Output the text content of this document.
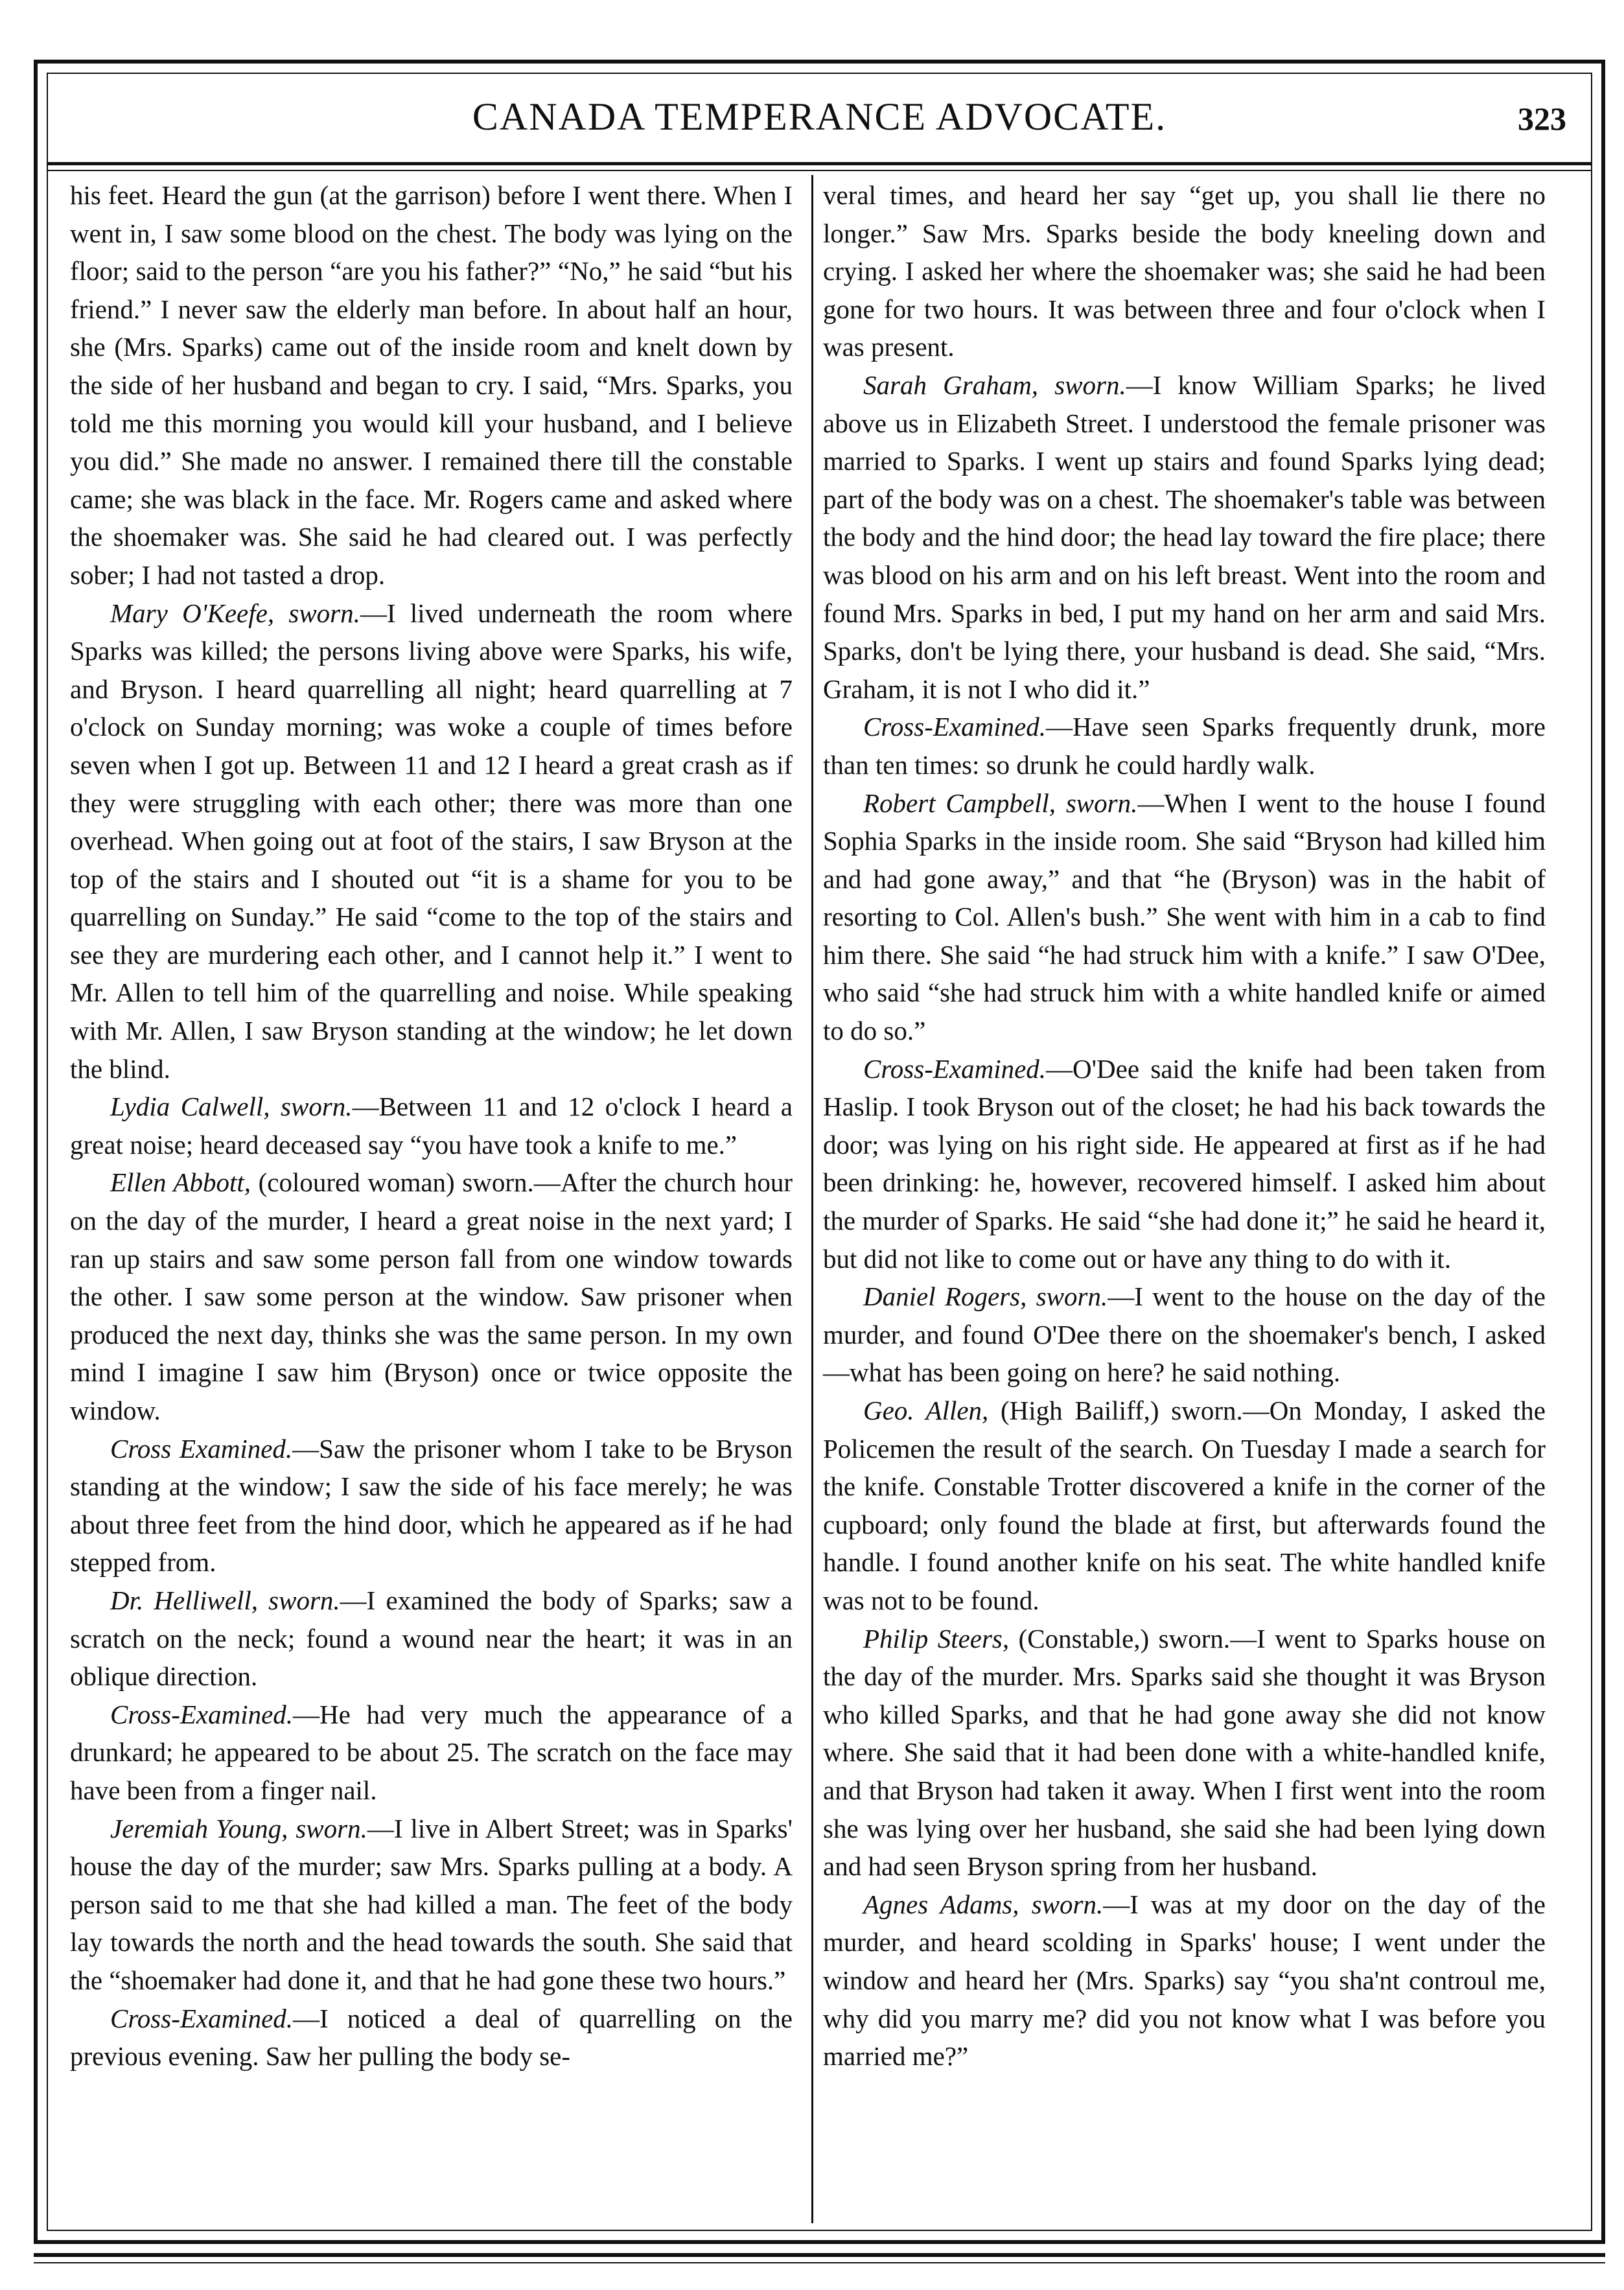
CANADA TEMPERANCE ADVOCATE.	323

his feet. Heard the gun (at the garrison) before I went there. When I went in, I saw some blood on the chest. The body was lying on the floor; said to the person “are you his father?” “No,” he said “but his friend.” I never saw the elderly man before. In about half an hour, she (Mrs. Sparks) came out of the inside room and knelt down by the side of her husband and began to cry. I said, “Mrs. Sparks, you told me this morning you would kill your husband, and I believe you did.” She made no answer. I remained there till the constable came; she was black in the face. Mr. Rogers came and asked where the shoemaker was. She said he had cleared out. I was perfectly sober; I had not tasted a drop.

Mary O'Keefe, sworn.—I lived underneath the room where Sparks was killed; the persons living above were Sparks, his wife, and Bryson. I heard quarrelling all night; heard quarrelling at 7 o'clock on Sunday morning; was woke a couple of times before seven when I got up. Between 11 and 12 I heard a great crash as if they were struggling with each other; there was more than one overhead. When going out at foot of the stairs, I saw Bryson at the top of the stairs and I shouted out “it is a shame for you to be quarrelling on Sunday.” He said “come to the top of the stairs and see they are murdering each other, and I cannot help it.” I went to Mr. Allen to tell him of the quarrelling and noise. While speaking with Mr. Allen, I saw Bryson standing at the window; he let down the blind.

Lydia Calwell, sworn.—Between 11 and 12 o'clock I heard a great noise; heard deceased say “you have took a knife to me.”

Ellen Abbott, (coloured woman) sworn.—After the church hour on the day of the murder, I heard a great noise in the next yard; I ran up stairs and saw some person fall from one window towards the other. I saw some person at the window. Saw prisoner when produced the next day, thinks she was the same person. In my own mind I imagine I saw him (Bryson) once or twice opposite the window.

Cross Examined.—Saw the prisoner whom I take to be Bryson standing at the window; I saw the side of his face merely; he was about three feet from the hind door, which he appeared as if he had stepped from.

Dr. Helliwell, sworn.—I examined the body of Sparks; saw a scratch on the neck; found a wound near the heart; it was in an oblique direction.

Cross-Examined.—He had very much the appearance of a drunkard; he appeared to be about 25. The scratch on the face may have been from a finger nail.

Jeremiah Young, sworn.—I live in Albert Street; was in Sparks' house the day of the murder; saw Mrs. Sparks pulling at a body. A person said to me that she had killed a man. The feet of the body lay towards the north and the head towards the south. She said that the “shoemaker had done it, and that he had gone these two hours.”

Cross-Examined.—I noticed a deal of quarrelling on the previous evening. Saw her pulling the body se-

veral times, and heard her say “get up, you shall lie there no longer.” Saw Mrs. Sparks beside the body kneeling down and crying. I asked her where the shoemaker was; she said he had been gone for two hours. It was between three and four o'clock when I was present.

Sarah Graham, sworn.—I know William Sparks; he lived above us in Elizabeth Street. I understood the female prisoner was married to Sparks. I went up stairs and found Sparks lying dead; part of the body was on a chest. The shoemaker's table was between the body and the hind door; the head lay toward the fire place; there was blood on his arm and on his left breast. Went into the room and found Mrs. Sparks in bed, I put my hand on her arm and said Mrs. Sparks, don't be lying there, your husband is dead. She said, “Mrs. Graham, it is not I who did it.”

Cross-Examined.—Have seen Sparks frequently drunk, more than ten times: so drunk he could hardly walk.

Robert Campbell, sworn.—When I went to the house I found Sophia Sparks in the inside room. She said “Bryson had killed him and had gone away,” and that “he (Bryson) was in the habit of resorting to Col. Allen's bush.” She went with him in a cab to find him there. She said “he had struck him with a knife.” I saw O'Dee, who said “she had struck him with a white handled knife or aimed to do so.”

Cross-Examined.—O'Dee said the knife had been taken from Haslip. I took Bryson out of the closet; he had his back towards the door; was lying on his right side. He appeared at first as if he had been drinking: he, however, recovered himself. I asked him about the murder of Sparks. He said “she had done it;” he said he heard it, but did not like to come out or have any thing to do with it.

Daniel Rogers, sworn.—I went to the house on the day of the murder, and found O'Dee there on the shoemaker's bench, I asked—what has been going on here? he said nothing.

Geo. Allen, (High Bailiff,) sworn.—On Monday, I asked the Policemen the result of the search. On Tuesday I made a search for the knife. Constable Trotter discovered a knife in the corner of the cupboard; only found the blade at first, but afterwards found the handle. I found another knife on his seat. The white handled knife was not to be found.

Philip Steers, (Constable,) sworn.—I went to Sparks house on the day of the murder. Mrs. Sparks said she thought it was Bryson who killed Sparks, and that he had gone away she did not know where. She said that it had been done with a white-handled knife, and that Bryson had taken it away. When I first went into the room she was lying over her husband, she said she had been lying down and had seen Bryson spring from her husband.

Agnes Adams, sworn.—I was at my door on the day of the murder, and heard scolding in Sparks' house; I went under the window and heard her (Mrs. Sparks) say “you sha'nt controul me, why did you marry me? did you not know what I was before you married me?”
